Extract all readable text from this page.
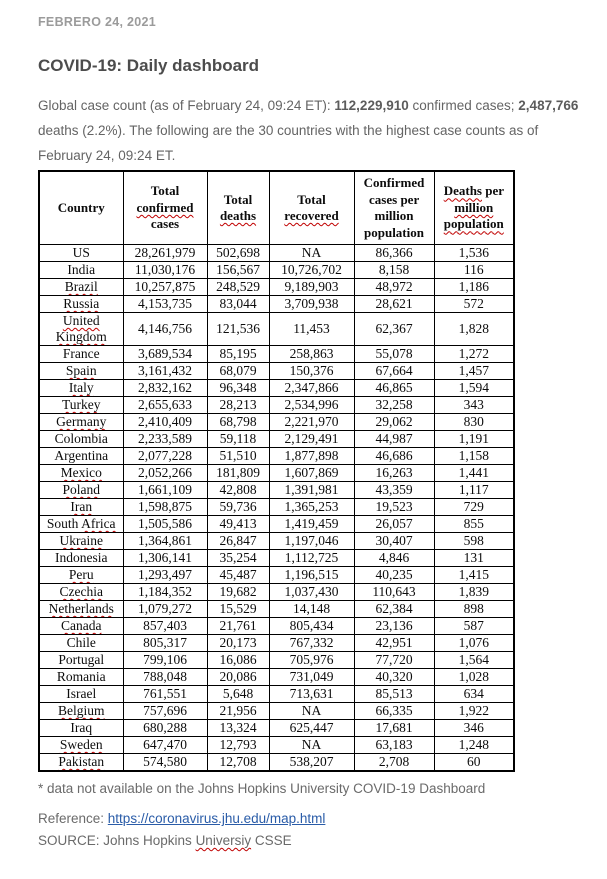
FEBRERO 24, 2021
COVID-19: Daily dashboard

Global case count (as of February 24, 09:24 ET): 112,229,910 confirmed cases; 2,487,766 deaths (2.2%). The following are the 30 countries with the highest case counts as of February 24, 09:24 ET.

Country	Total confirmed cases	Total deaths	Total recovered	Confirmed cases per million population	Deaths per million population
US	28,261,979	502,698	NA	86,366	1,536
India	11,030,176	156,567	10,726,702	8,158	116
Brazil	10,257,875	248,529	9,189,903	48,972	1,186
Russia	4,153,735	83,044	3,709,938	28,621	572
United Kingdom	4,146,756	121,536	11,453	62,367	1,828
France	3,689,534	85,195	258,863	55,078	1,272
Spain	3,161,432	68,079	150,376	67,664	1,457
Italy	2,832,162	96,348	2,347,866	46,865	1,594
Turkey	2,655,633	28,213	2,534,996	32,258	343
Germany	2,410,409	68,798	2,221,970	29,062	830
Colombia	2,233,589	59,118	2,129,491	44,987	1,191
Argentina	2,077,228	51,510	1,877,898	46,686	1,158
Mexico	2,052,266	181,809	1,607,869	16,263	1,441
Poland	1,661,109	42,808	1,391,981	43,359	1,117
Iran	1,598,875	59,736	1,365,253	19,523	729
South Africa	1,505,586	49,413	1,419,459	26,057	855
Ukraine	1,364,861	26,847	1,197,046	30,407	598
Indonesia	1,306,141	35,254	1,112,725	4,846	131
Peru	1,293,497	45,487	1,196,515	40,235	1,415
Czechia	1,184,352	19,682	1,037,430	110,643	1,839
Netherlands	1,079,272	15,529	14,148	62,384	898
Canada	857,403	21,761	805,434	23,136	587
Chile	805,317	20,173	767,332	42,951	1,076
Portugal	799,106	16,086	705,976	77,720	1,564
Romania	788,048	20,086	731,049	40,320	1,028
Israel	761,551	5,648	713,631	85,513	634
Belgium	757,696	21,956	NA	66,335	1,922
Iraq	680,288	13,324	625,447	17,681	346
Sweden	647,470	12,793	NA	63,183	1,248
Pakistan	574,580	12,708	538,207	2,708	60
* data not available on the Johns Hopkins University COVID-19 Dashboard
Reference: https://coronavirus.jhu.edu/map.html
SOURCE: Johns Hopkins Universiy CSSE
